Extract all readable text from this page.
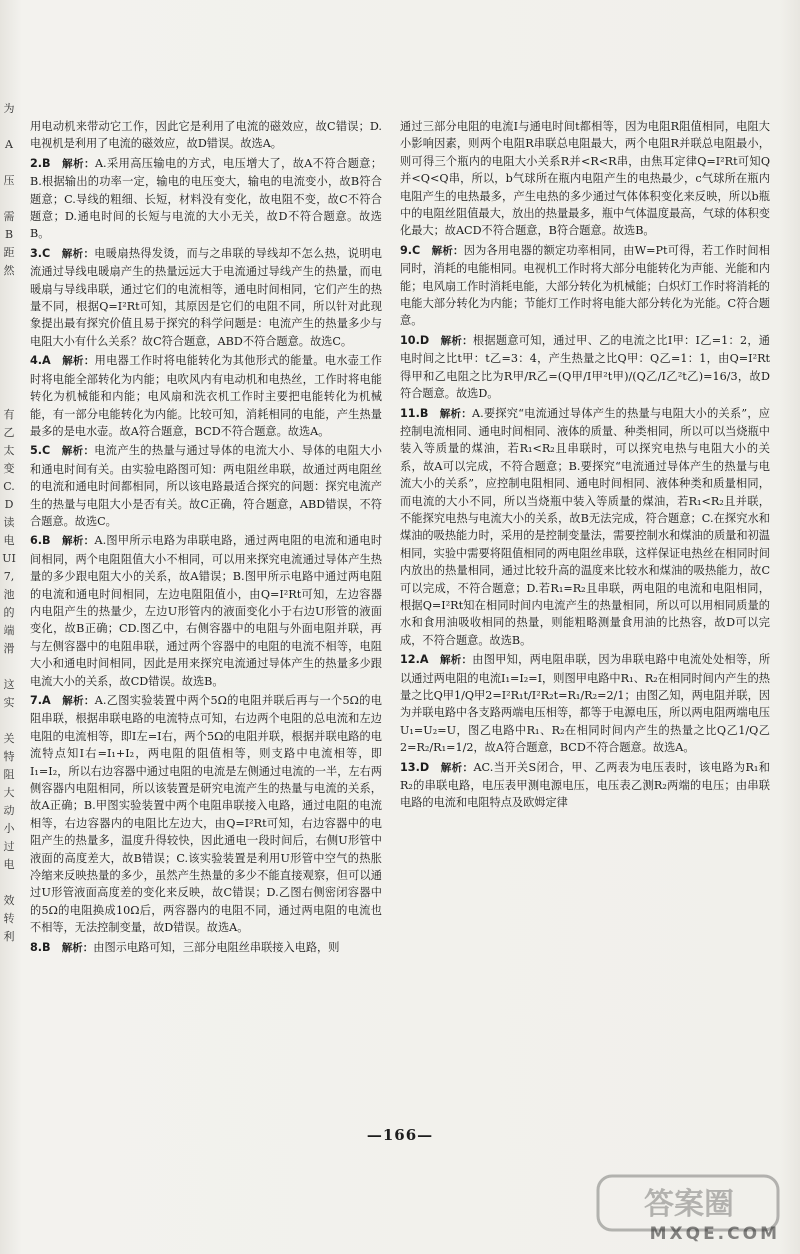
为
A
压
需
B
距
然
有
乙
太
变
C.
D
读
电
UI
7,
池
的
端
滑
这
实
关
特
阻
大
动
小
过
电
效
转
利
用电动机来带动它工作，因此它是利用了电流的磁效应，故C错误；D.电视机是利用了电流的磁效应，故D错误。故选A。
2.B  解析：A.采用高压输电的方式，电压增大了，故A不符合题意；B.根据输出的功率一定，输电的电压变大，输电的电流变小，故B符合题意；C.导线的粗细、长短，材料没有变化，故电阻不变，故C不符合题意；D.通电时间的长短与电流的大小无关，故D不符合题意。故选B。
3.C  解析：电暖扇热得发烫，而与之串联的导线却不怎么热，说明电流通过导线电暖扇产生的热量远远大于电流通过导线产生的热量，而电暖扇与导线串联，通过它们的电流相等，通电时间相同，它们产生的热量不同，根据Q=I²Rt可知，其原因是它们的电阻不同，所以针对此现象提出最有探究价值且易于探究的科学问题是：电流产生的热量多少与电阻大小有什么关系？故C符合题意，ABD不符合题意。故选C。
4.A  解析：用电器工作时将电能转化为其他形式的能量。电水壶工作时将电能全部转化为内能；电吹风内有电动机和电热丝，工作时将电能转化为机械能和内能；电风扇和洗衣机工作时主要把电能转化为机械能，有一部分电能转化为内能。比较可知，消耗相同的电能，产生热量最多的是电水壶。故A符合题意，BCD不符合题意。故选A。
5.C  解析：电流产生的热量与通过导体的电流大小、导体的电阻大小和通电时间有关。由实验电路图可知：两电阻丝串联，故通过两电阻丝的电流和通电时间都相同，所以该电路最适合探究的问题：探究电流产生的热量与电阻大小是否有关。故C正确，符合题意，ABD错误，不符合题意。故选C。
6.B  解析：A.图甲所示电路为串联电路，通过两电阻的电流和通电时间相同，两个电阻阻值大小不相同，可以用来探究电流通过导体产生热量的多少跟电阻大小的关系，故A错误；B.图甲所示电路中通过两电阻的电流和通电时间相同，左边电阻阻值小，由Q=I²Rt可知，左边容器内电阻产生的热量少，左边U形管内的液面变化小于右边U形管的液面变化，故B正确；CD.图乙中，右侧容器中的电阻与外面电阻并联，再与左侧容器中的电阻串联，通过两个容器中的电阻的电流不相等，电阻大小和通电时间相同，因此是用来探究电流通过导体产生的热量多少跟电流大小的关系，故CD错误。故选B。
7.A  解析：A.乙图实验装置中两个5Ω的电阻并联后再与一个5Ω的电阻串联，根据串联电路的电流特点可知，右边两个电阻的总电流和左边电阻的电流相等，即I左=I右，两个5Ω的电阻并联，根据并联电路的电流特点知I右=I₁+I₂，两电阻的阻值相等，则支路中电流相等，即I₁=I₂，所以右边容器中通过电阻的电流是左侧通过电流的一半，左右两侧容器内电阻相同，所以该装置是研究电流产生的热量与电流的关系，故A正确；B.甲图实验装置中两个电阻串联接入电路，通过电阻的电流相等，右边容器内的电阻比左边大，由Q=I²Rt可知，右边容器中的电阻产生的热量多，温度升得较快，因此通电一段时间后，右侧U形管中液面的高度差大，故B错误；C.该实验装置是利用U形管中空气的热胀冷缩来反映热量的多少，虽然产生热量的多少不能直接观察，但可以通过U形管液面高度差的变化来反映，故C错误；D.乙图右侧密闭容器中的5Ω的电阻换成10Ω后，两容器内的电阻不同，通过两电阻的电流也不相等，无法控制变量，故D错误。故选A。
8.B  解析：由图示电路可知，三部分电阻丝串联接入电路，则
通过三部分电阻的电流I与通电时间t都相等，因为电阻R阻值相同，电阻大小影响因素，则两个电阻R串联总电阻最大，两个电阻R并联总电阻最小，则可得三个瓶内的电阻大小关系R并<R<R串，由焦耳定律Q=I²Rt可知Q并<Q<Q串，所以，b气球所在瓶内电阻产生的电热最少，c气球所在瓶内电阻产生的电热最多，产生电热的多少通过气体体积变化来反映，所以b瓶中的电阻丝阻值最大，放出的热量最多，瓶中气体温度最高，气球的体积变化最大；故ACD不符合题意，B符合题意。故选B。
9.C  解析：因为各用电器的额定功率相同，由W=Pt可得，若工作时间相同时，消耗的电能相同。电视机工作时将大部分电能转化为声能、光能和内能；电风扇工作时消耗电能，大部分转化为机械能；白炽灯工作时将消耗的电能大部分转化为内能；节能灯工作时将电能大部分转化为光能。C符合题意。
10.D  解析：根据题意可知，通过甲、乙的电流之比I甲：I乙=1：2，通电时间之比t甲：t乙=3：4，产生热量之比Q甲：Q乙=1：1，由Q=I²Rt得甲和乙电阻之比为R甲/R乙=(Q甲/I甲²t甲)/(Q乙/I乙²t乙)=16/3，故D符合题意。故选D。
11.B  解析：A.要探究“电流通过导体产生的热量与电阻大小的关系”，应控制电流相同、通电时间相同、液体的质量、种类相同，所以可以当烧瓶中装入等质量的煤油，若R₁<R₂且串联时，可以探究电热与电阻大小的关系，故A可以完成，不符合题意；B.要探究“电流通过导体产生的热量与电流大小的关系”，应控制电阻相同、通电时间相同、液体种类和质量相同，而电流的大小不同，所以当烧瓶中装入等质量的煤油，若R₁<R₂且并联，不能探究电热与电流大小的关系，故B无法完成，符合题意；C.在探究水和煤油的吸热能力时，采用的是控制变量法，需要控制水和煤油的质量和初温相同，实验中需要将阻值相同的两电阻丝串联，这样保证电热丝在相同时间内放出的热量相同，通过比较升高的温度来比较水和煤油的吸热能力，故C可以完成，不符合题意；D.若R₁=R₂且串联，两电阻的电流和电阻相同，根据Q=I²Rt知在相同时间内电流产生的热量相同，所以可以用相同质量的水和食用油吸收相同的热量，则能粗略测量食用油的比热容，故D可以完成，不符合题意。故选B。
12.A  解析：由图甲知，两电阻串联，因为串联电路中电流处处相等，所以通过两电阻的电流I₁=I₂=I，则图甲电路中R₁、R₂在相同时间内产生的热量之比Q甲1/Q甲2=I²R₁t/I²R₂t=R₁/R₂=2/1；由图乙知，两电阻并联，因为并联电路中各支路两端电压相等，都等于电源电压，所以两电阻两端电压U₁=U₂=U，图乙电路中R₁、R₂在相同时间内产生的热量之比Q乙1/Q乙2=R₂/R₁=1/2，故A符合题意，BCD不符合题意。故选A。
13.D  解析：AC.当开关S闭合，甲、乙两表为电压表时，该电路为R₁和R₂的串联电路，电压表甲测电源电压，电压表乙测R₂两端的电压；由串联电路的电流和电阻特点及欧姆定律
—166—
答案圈
MXQE.COM
